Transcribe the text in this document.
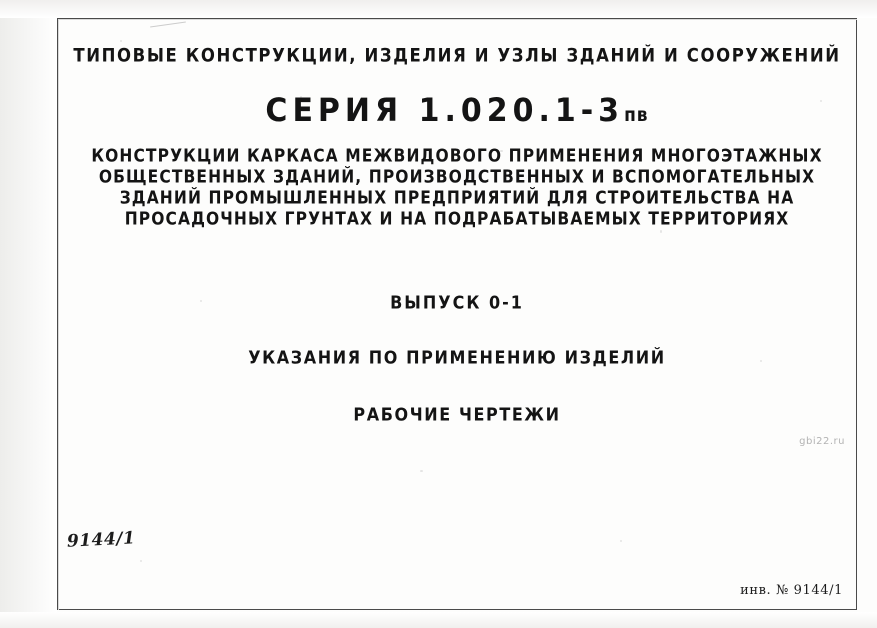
ТИПОВЫЕ КОНСТРУКЦИИ, ИЗДЕЛИЯ И УЗЛЫ ЗДАНИЙ И СООРУЖЕНИЙ
СЕРИЯ 1.020.1-3пв
КОНСТРУКЦИИ КАРКАСА МЕЖВИДОВОГО ПРИМЕНЕНИЯ МНОГОЭТАЖНЫХ
ОБЩЕСТВЕННЫХ ЗДАНИЙ, ПРОИЗВОДСТВЕННЫХ И ВСПОМОГАТЕЛЬНЫХ
ЗДАНИЙ ПРОМЫШЛЕННЫХ ПРЕДПРИЯТИЙ ДЛЯ СТРОИТЕЛЬСТВА НА
ПРОСАДОЧНЫХ ГРУНТАХ И НА ПОДРАБАТЫВАЕМЫХ ТЕРРИТОРИЯХ
ВЫПУСК 0-1
УКАЗАНИЯ ПО ПРИМЕНЕНИЮ ИЗДЕЛИЙ
РАБОЧИЕ ЧЕРТЕЖИ
gbi22.ru
9144/1
инв. № 9144/1
